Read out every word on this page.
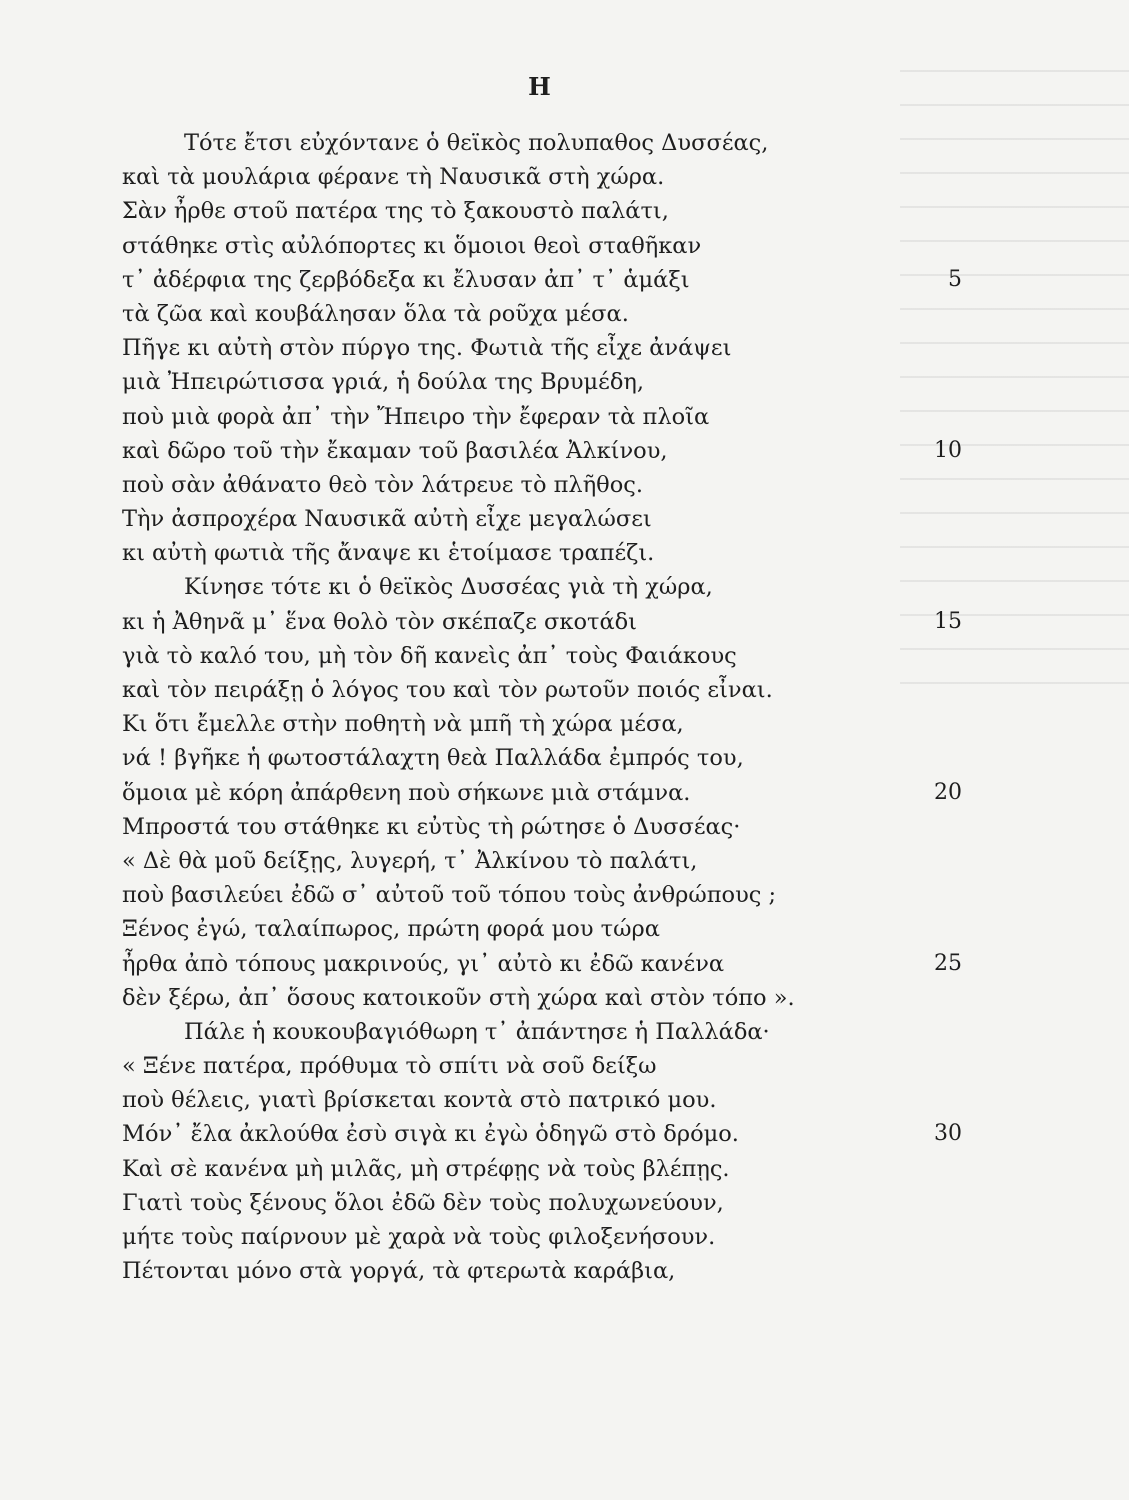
Η
Τότε ἔτσι εὐχόντανε ὁ θεϊκὸς πολυπαθος Δυσσέας,
καὶ τὰ μουλάρια φέρανε τὴ Ναυσικᾶ στὴ χώρα.
Σὰν ἦρθε στοῦ πατέρα της τὸ ξακουστὸ παλάτι,
στάθηκε στὶς αὐλόπορτες κι ὅμοιοι θεοὶ σταθῆκαν
τ᾽ ἀδέρφια της ζερβόδεξα κι ἔλυσαν ἀπ᾽ τ᾽ ἁμάξι	5
τὰ ζῶα καὶ κουβάλησαν ὅλα τὰ ροῦχα μέσα.
Πῆγε κι αὐτὴ στὸν πύργο της. Φωτιὰ τῆς εἶχε ἀνάψει
μιὰ Ἠπειρώτισσα γριά, ἡ δούλα της Βρυμέδη,
ποὺ μιὰ φορὰ ἀπ᾽ τὴν Ἤπειρο τὴν ἔφεραν τὰ πλοῖα
καὶ δῶρο τοῦ τὴν ἔκαμαν τοῦ βασιλέα Ἀλκίνου,	10
ποὺ σὰν ἀθάνατο θεὸ τὸν λάτρευε τὸ πλῆθος.
Τὴν ἀσπροχέρα Ναυσικᾶ αὐτὴ εἶχε μεγαλώσει
κι αὐτὴ φωτιὰ τῆς ἄναψε κι ἑτοίμασε τραπέζι.
Κίνησε τότε κι ὁ θεϊκὸς Δυσσέας γιὰ τὴ χώρα,
κι ἡ Ἀθηνᾶ μ᾽ ἕνα θολὸ τὸν σκέπαζε σκοτάδι	15
γιὰ τὸ καλό του, μὴ τὸν δῆ κανεὶς ἀπ᾽ τοὺς Φαιάκους
καὶ τὸν πειράξῃ ὁ λόγος του καὶ τὸν ρωτοῦν ποιός εἶναι.
Κι ὅτι ἔμελλε στὴν ποθητὴ νὰ μπῆ τὴ χώρα μέσα,
νά ! βγῆκε ἡ φωτοστάλαχτη θεὰ Παλλάδα ἐμπρός του,
ὅμοια μὲ κόρη ἀπάρθενη ποὺ σήκωνε μιὰ στάμνα.	20
Μπροστά του στάθηκε κι εὐτὺς τὴ ρώτησε ὁ Δυσσέας·
« Δὲ θὰ μοῦ δείξῃς, λυγερή, τ᾽ Ἀλκίνου τὸ παλάτι,
ποὺ βασιλεύει ἐδῶ σ᾽ αὐτοῦ τοῦ τόπου τοὺς ἀνθρώπους ;
Ξένος ἐγώ, ταλαίπωρος, πρώτη φορά μου τώρα
ἦρθα ἀπὸ τόπους μακρινούς, γι᾽ αὐτὸ κι ἐδῶ κανένα	25
δὲν ξέρω, ἀπ᾽ ὅσους κατοικοῦν στὴ χώρα καὶ στὸν τόπο ».
Πάλε ἡ κουκουβαγιόθωρη τ᾽ ἀπάντησε ἡ Παλλάδα·
« Ξένε πατέρα, πρόθυμα τὸ σπίτι νὰ σοῦ δείξω
ποὺ θέλεις, γιατὶ βρίσκεται κοντὰ στὸ πατρικό μου.
Μόν᾽ ἔλα ἀκλούθα ἐσὺ σιγὰ κι ἐγὼ ὁδηγῶ στὸ δρόμο.	30
Καὶ σὲ κανένα μὴ μιλᾶς, μὴ στρέφῃς νὰ τοὺς βλέπῃς.
Γιατὶ τοὺς ξένους ὅλοι ἐδῶ δὲν τοὺς πολυχωνεύουν,
μήτε τοὺς παίρνουν μὲ χαρὰ νὰ τοὺς φιλοξενήσουν.
Πέτονται μόνο στὰ γοργά, τὰ φτερωτὰ καράβια,
